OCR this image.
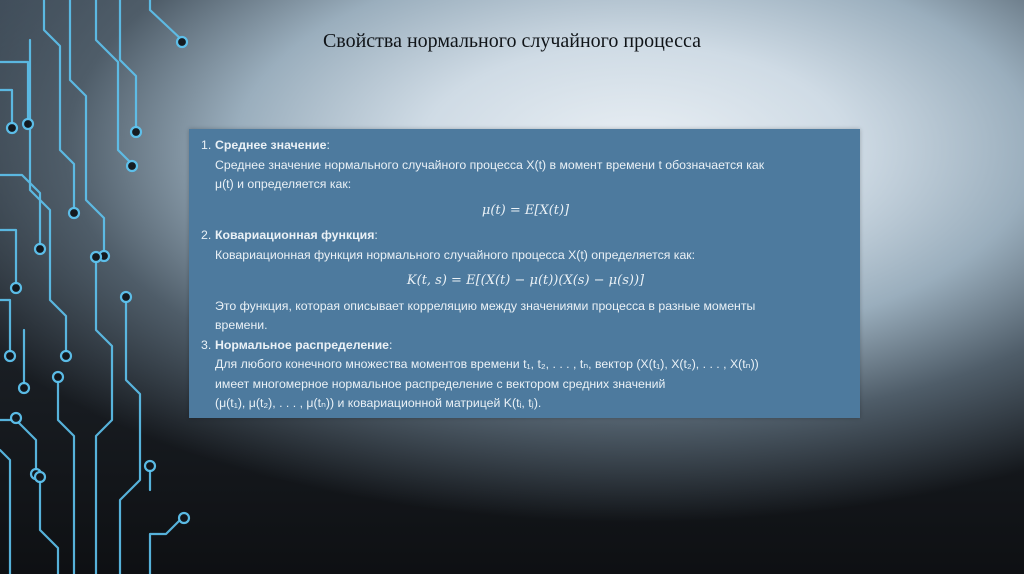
Свойства нормального случайного процесса
1. Среднее значение :
Среднее значение нормального случайного процесса X(t) в момент времени t обозначается как
μ(t) и определяется как:
μ(t) = E[X(t)]
2. Ковариационная функция :
Ковариационная функция нормального случайного процесса X(t) определяется как:
K(t, s) = E[(X(t) − μ(t))(X(s) − μ(s))]
Это функция, которая описывает корреляцию между значениями процесса в разные моменты
времени.
3. Нормальное распределение :
Для любого конечного множества моментов времени t₁, t₂, . . . , tₙ, вектор (X(t₁), X(t₂), . . . , X(tₙ))
имеет многомерное нормальное распределение с вектором средних значений
(μ(t₁), μ(t₂), . . . , μ(tₙ)) и ковариационной матрицей K(tᵢ, tⱼ).
